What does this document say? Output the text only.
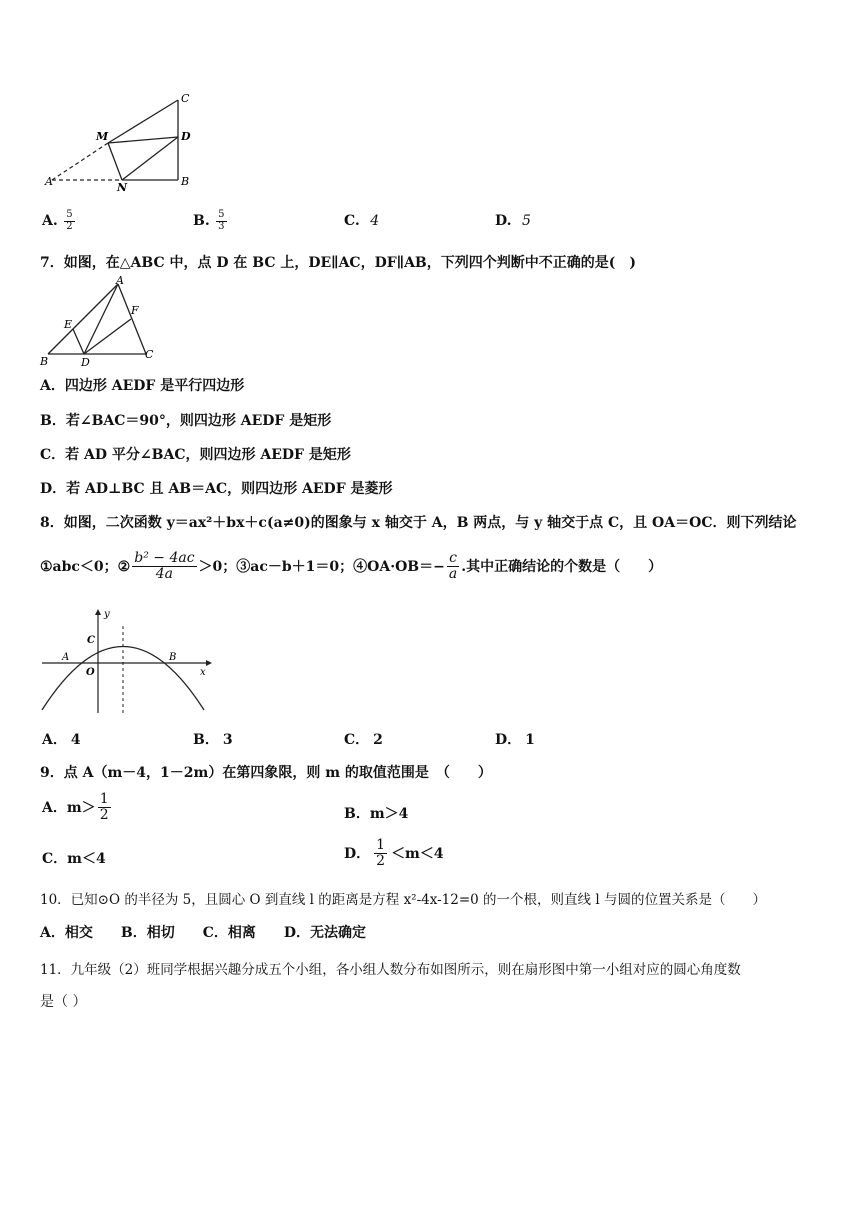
C
M	D
A	N	B
A. $\frac{5}{2}$	B. $\frac{5}{3}$	C. 4	D. 5
7．如图，在△ABC 中，点 D 在 BC 上，DE∥AC，DF∥AB，下列四个判断中不正确的是(　)
A
E
F
B	D
C
A．四边形 AEDF 是平行四边形
B．若∠BAC＝90°，则四边形 AEDF 是矩形
C．若 AD 平分∠BAC，则四边形 AEDF 是矩形
D．若 AD⊥BC 且 AB＝AC，则四边形 AEDF 是菱形
8．如图，二次函数 y＝ax²＋bx＋c(a≠0)的图象与 x 轴交于 A，B 两点，与 y 轴交于点 C，且 OA＝OC．则下列结论
①abc＜0；② $\frac{\text{b² − 4ac}}{4a} >0$；③ac－b＋1＝0；④OA·OB＝− $\frac{c}{a}$ .其中正确结论的个数是（　　）
y
C
A
O
B
x
A． 4	B． 3	C． 2	D． 1
9．点 A（m－4，1－2m）在第四象限，则 m 的取值范围是　（　　）
A．$m> \frac{1}{2}$	B．m＞4
C．m＜4	D． $\frac{1}{2} <m<4$
10．已知⊙O 的半径为 5，且圆心 O 到直线 l 的距离是方程 x²-4x-12=0 的一个根，则直线 l 与圆的位置关系是（　　）
A．相交　　B．相切　　C．相离　　D．无法确定
11．九年级（2）班同学根据兴趣分成五个小组，各小组人数分布如图所示，则在扇形图中第一小组对应的圆心角度数
是（ ）
